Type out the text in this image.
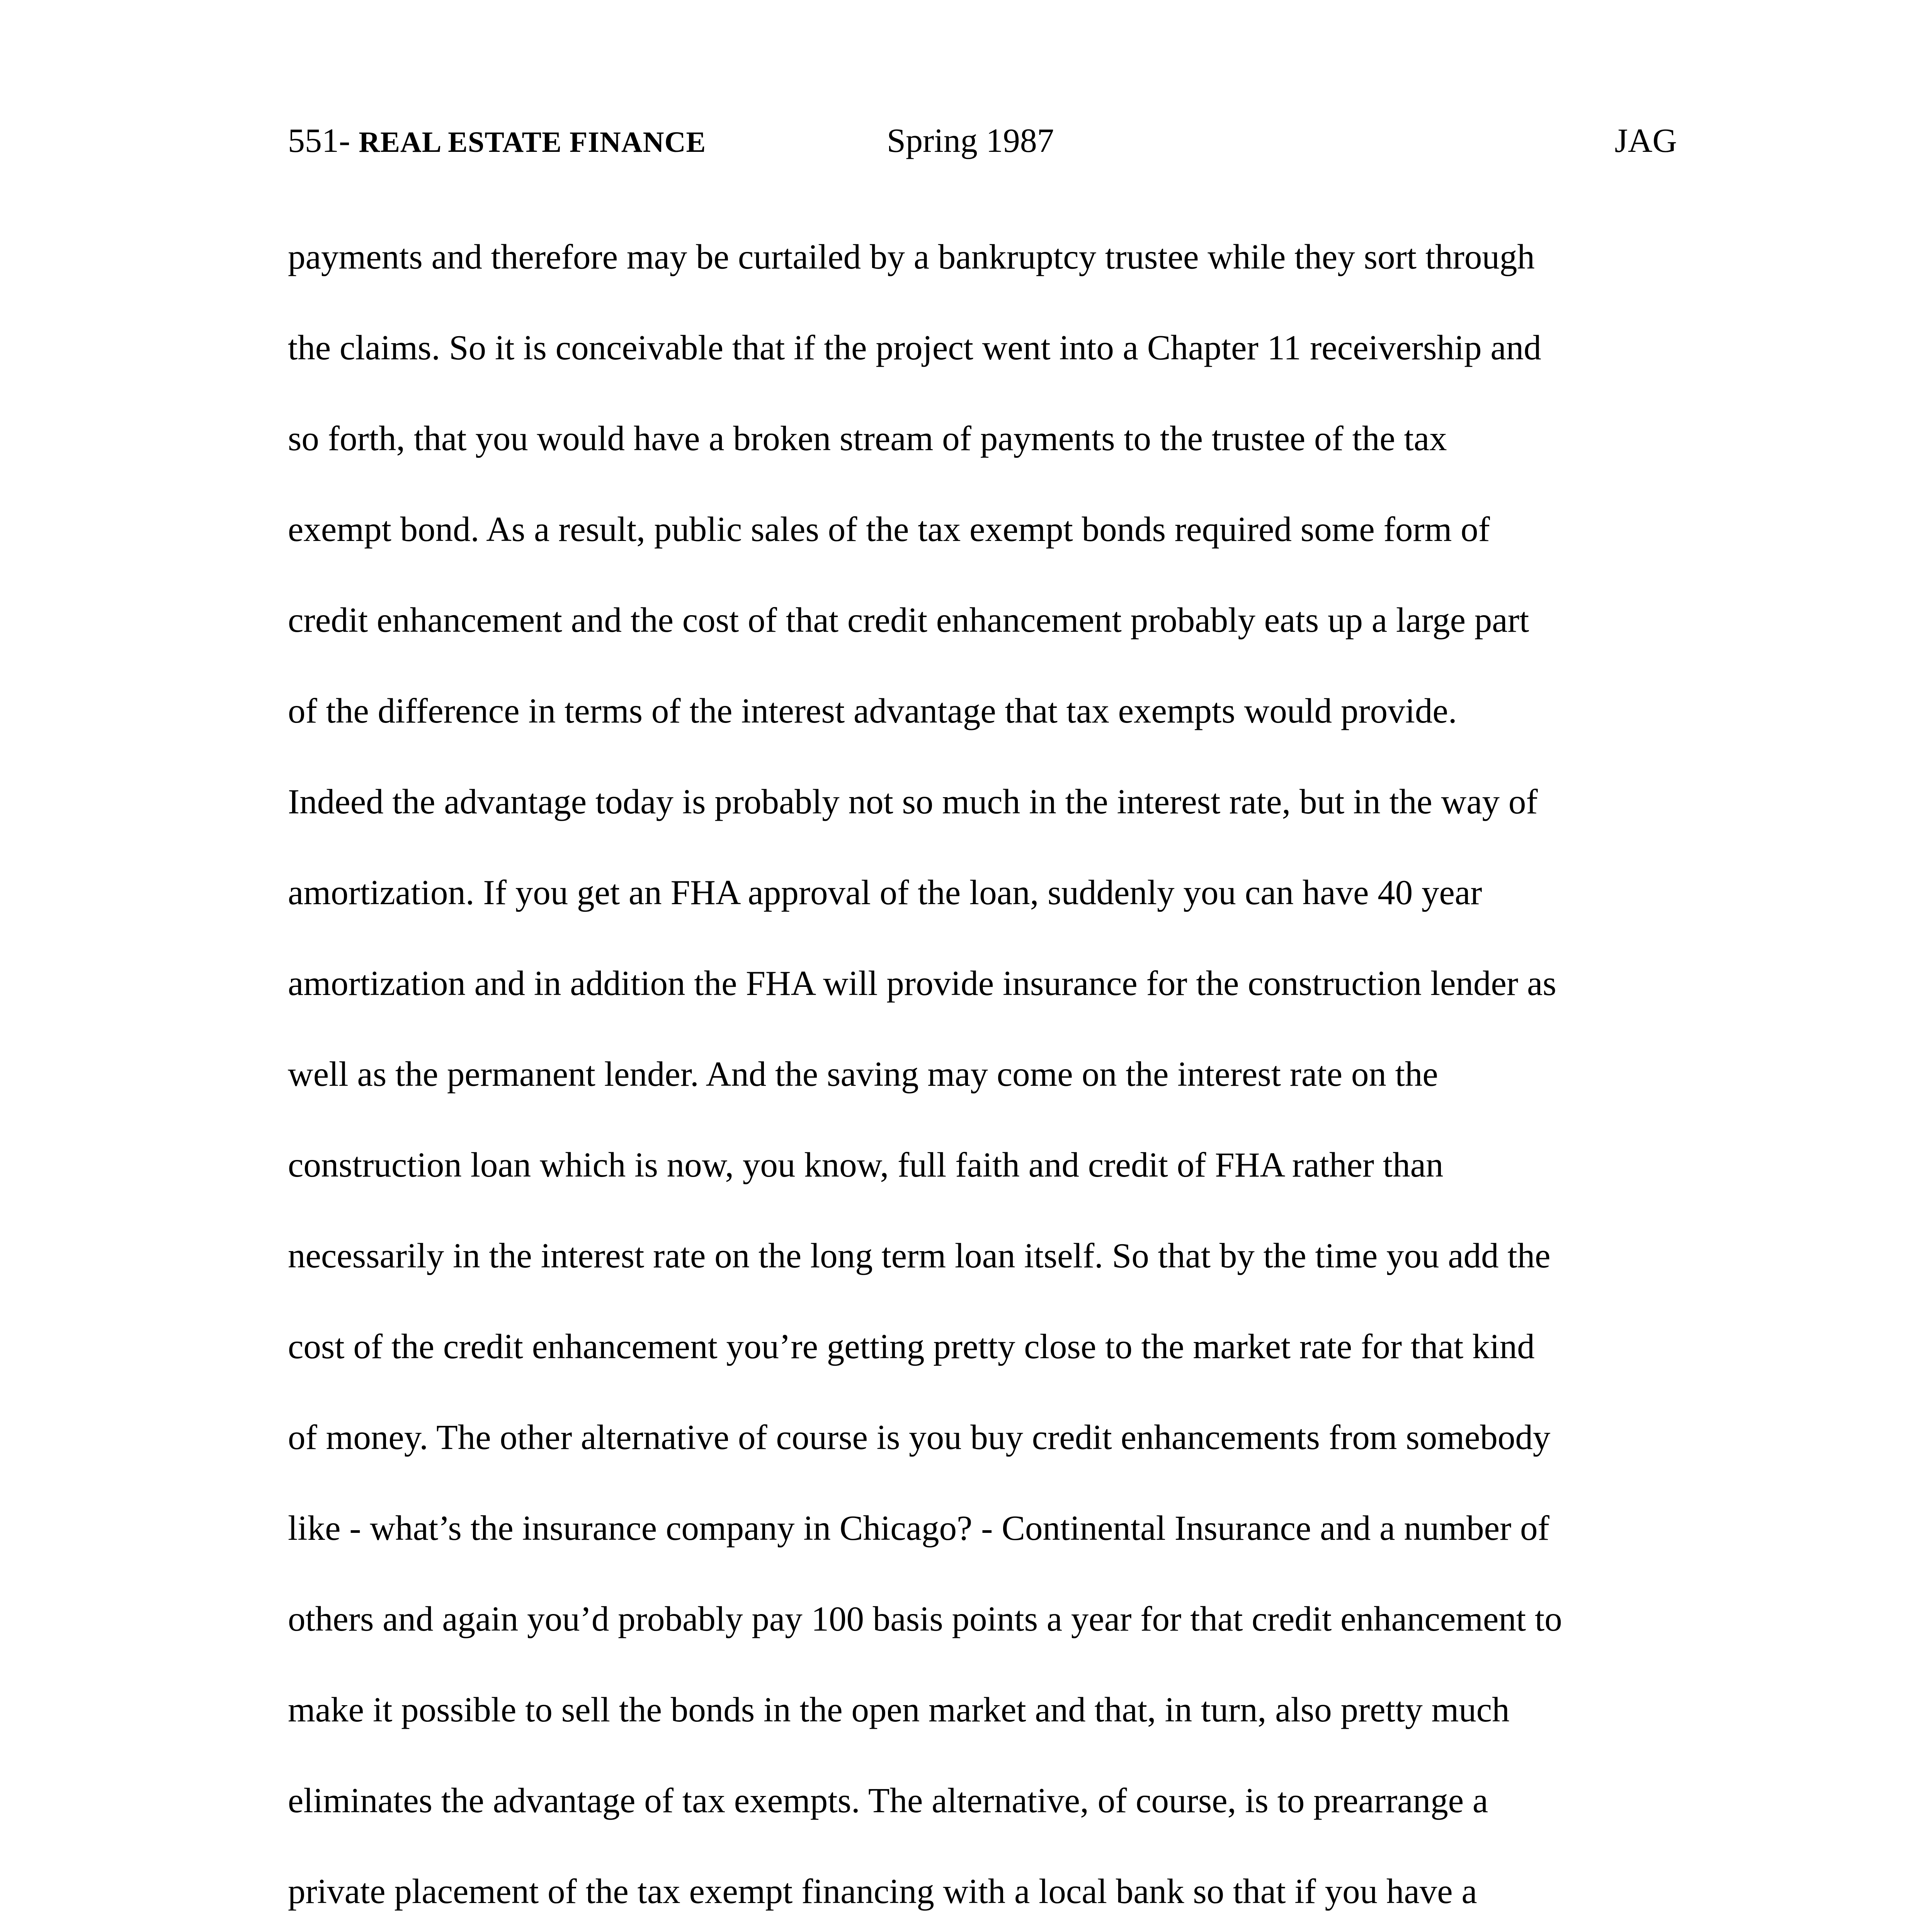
551- REAL ESTATE FINANCE	Spring 1987	JAG
payments and therefore may be curtailed by a bankruptcy trustee while they sort through
the claims. So it is conceivable that if the project went into a Chapter 11 receivership and
so forth, that you would have a broken stream of payments to the trustee of the tax
exempt bond. As a result, public sales of the tax exempt bonds required some form of
credit enhancement and the cost of that credit enhancement probably eats up a large part
of the difference in terms of the interest advantage that tax exempts would provide.
Indeed the advantage today is probably not so much in the interest rate, but in the way of
amortization. If you get an FHA approval of the loan, suddenly you can have 40 year
amortization and in addition the FHA will provide insurance for the construction lender as
well as the permanent lender. And the saving may come on the interest rate on the
construction loan which is now, you know, full faith and credit of FHA rather than
necessarily in the interest rate on the long term loan itself. So that by the time you add the
cost of the credit enhancement you’re getting pretty close to the market rate for that kind
of money. The other alternative of course is you buy credit enhancements from somebody
like - what’s the insurance company in Chicago? - Continental Insurance and a number of
others and again you’d probably pay 100 basis points a year for that credit enhancement to
make it possible to sell the bonds in the open market and that, in turn, also pretty much
eliminates the advantage of tax exempts. The alternative, of course, is to prearrange a
private placement of the tax exempt financing with a local bank so that if you have a
